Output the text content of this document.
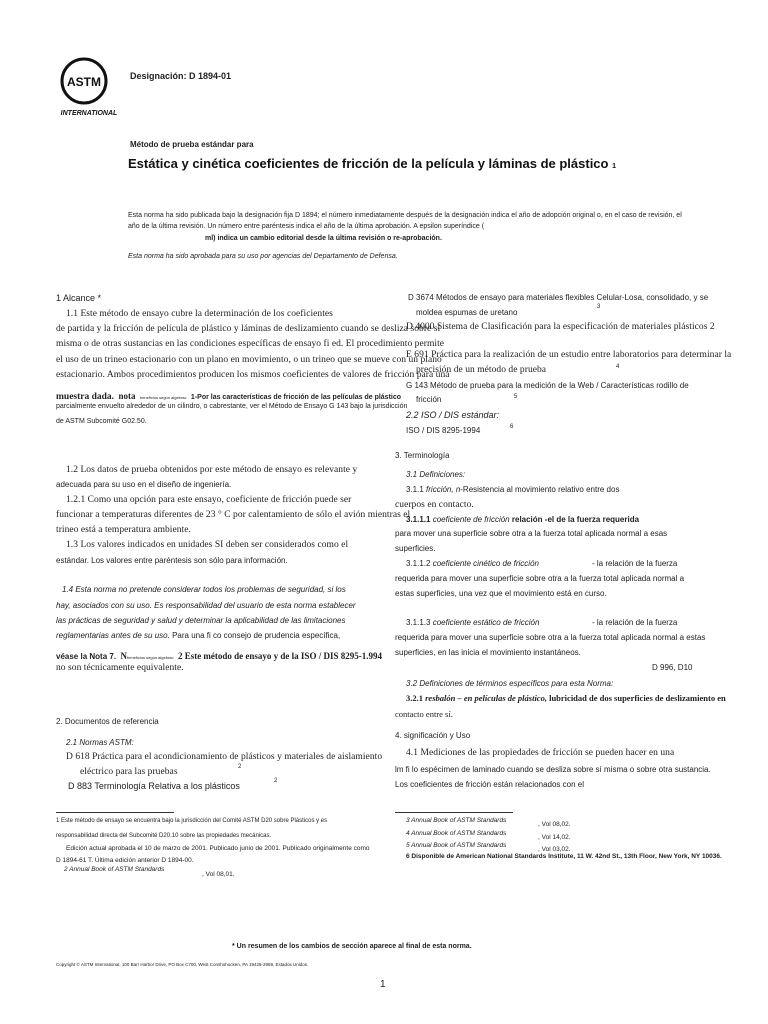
ASTM
INTERNATIONAL
Designación: D 1894-01
Método de prueba estándar para
Estática y cinética coeficientes de fricción de la película y láminas de plástico 1
Esta norma ha sido publicada bajo la designación fija D 1894; el número inmediatamente después de la designación indica el año de adopción original o, en el caso de revisión, el
año de la última revisión. Un número entre paréntesis indica el año de la última aprobación. A epsilon superíndice (
ml) indica un cambio editorial desde la última revisión o re-aprobación.
Esta norma ha sido aprobada para su uso por agencias del Departamento de Defensa.
1 Alcance *
1.1 Este método de ensayo cubre la determinación de los coeficientes
de partida y la fricción de película de plástico y láminas de deslizamiento cuando se desliza sobre sí
misma o de otras sustancias en las condiciones específicas de ensayo fi ed. El procedimiento permite
el uso de un trineo estacionario con un plano en movimiento, o un trineo que se mueve con un plano
estacionario. Ambos procedimientos producen los mismos coeficientes de valores de fricción para una
muestra dada. nota beneficios según algebrac 1-Por las características de fricción de las películas de plástico
parcialmente envuelto alrededor de un cilindro, o cabrestante, ver el Método de Ensayo G 143 bajo la jurisdicción
de ASTM Subcomité G02.50.
1.2 Los datos de prueba obtenidos por este método de ensayo es relevante y
adecuada para su uso en el diseño de ingeniería.
1.2.1 Como una opción para este ensayo, coeficiente de fricción puede ser
funcionar a temperaturas diferentes de 23 ° C por calentamiento de sólo el avión mientras el
trineo está a temperatura ambiente.
1.3 Los valores indicados en unidades SI deben ser considerados como el
estándar. Los valores entre paréntesis son sólo para información.
1.4 Esta norma no pretende considerar todos los problemas de seguridad, si los
hay, asociados con su uso. Es responsabilidad del usuario de esta norma establecer
las prácticas de seguridad y salud y determinar la aplicabilidad de las limitaciones
reglamentarias antes de su uso. Para una fi co consejo de prudencia específica,
véase la Nota 7. Nbeneficios según algebrac 2 Este método de ensayo y de la ISO / DIS 8295-1.994
no son técnicamente equivalente.
2. Documentos de referencia
2.1 Normas ASTM:
D 618 Práctica para el acondicionamiento de plásticos y materiales de aislamiento
eléctrico para las pruebas	2
D 883 Terminología Relativa a los plásticos	2
1 Este método de ensayo se encuentra bajo la jurisdicción del Comité ASTM D20 sobre Plásticos y es
responsabilidad directa del Subcomité D20.10 sobre las propiedades mecánicas.
Edición actual aprobada el 10 de marzo de 2001. Publicado junio de 2001. Publicado originalmente como
D 1894-61 T. Última edición anterior D 1894-00.
2 Annual Book of ASTM Standards
, Vol 08,01.
D 3674 Métodos de ensayo para materiales flexibles Celular-Losa, consolidado, y se
moldea espumas de uretano
3
D 4000 Sistema de Clasificación para la especificación de materiales plásticos 2
E 691 Práctica para la realización de un estudio entre laboratorios para determinar la
precisión de un método de prueba	4
G 143 Método de prueba para la medición de la Web / Características rodillo de
fricción	5
2.2 ISO / DIS estándar:
ISO / DIS 8295-1994	6
3. Terminología
3.1 Definiciones:
3.1.1 fricción, n-Resistencia al movimiento relativo entre dos
cuerpos en contacto.
3.1.1.1 coeficiente de fricción relación -el de la fuerza requerida
para mover una superficie sobre otra a la fuerza total aplicada normal a esas
superficies.
3.1.1.2 coeficiente cinético de fricción	- la relación de la fuerza
requerida para mover una superficie sobre otra a la fuerza total aplicada normal a
estas superficies, una vez que el movimiento está en curso.
3.1.1.3 coeficiente estático de fricción	- la relación de la fuerza
requerida para mover una superficie sobre otra a la fuerza total aplicada normal a estas
superficies, en las inicia el movimiento instantáneos.
D 996, D10
3.2 Definiciones de términos específicos para esta Norma:
3.2.1 resbalón – en películas de plástico, lubricidad de dos superficies de deslizamiento en
contacto entre sí.
4. significación y Uso
4.1 Mediciones de las propiedades de fricción se pueden hacer en una
lm fi lo espécimen de laminado cuando se desliza sobre sí misma o sobre otra sustancia.
Los coeficientes de fricción están relacionados con el
3 Annual Book of ASTM Standards
, Vol 08,02.
4 Annual Book of ASTM Standards
, Vol 14,02.
5 Annual Book of ASTM Standards
, Vol 03,02.
6 Disponible de American National Standards Institute, 11 W. 42nd St., 13th Floor, New York, NY 10036.
* Un resumen de los cambios de sección aparece al final de esta norma.
Copyright © ASTM International, 100 Barr Harbor Drive, PO Box C700, West Conshohocken, PA 19428-2959, Estados Unidos.
1
